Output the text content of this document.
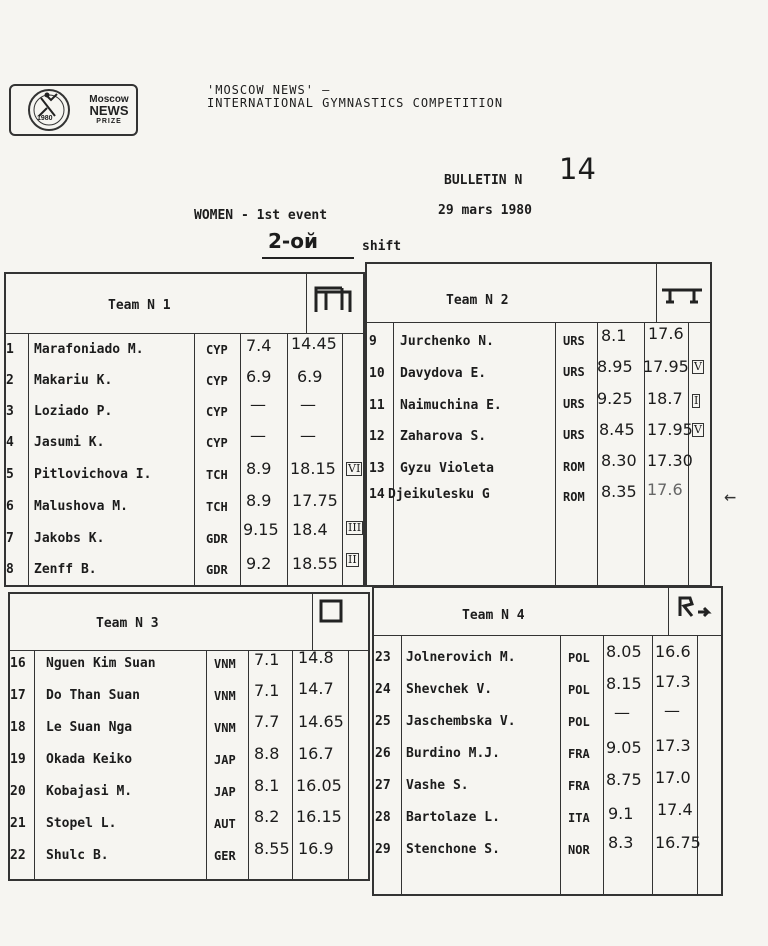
1980
Moscow
NEWS
PRIZE
'MOSCOW NEWS' —
INTERNATIONAL GYMNASTICS COMPETITION
BULLETIN N 14
WOMEN - 1st event	29 mars 1980
2-ой	shift
Team N 1	Team N 2
Team N 3
Team N 4
←
1 Marafoniado M.	CYP 7.4 14.45
2 Makariu K.	CYP 6.9 6.9
3 Loziado P.	CYP — —
4 Jasumi K.	CYP — —
5 Pitlovichova I.	TCH 8.9 18.15 VI
6 Malushova M.	TCH 8.9 17.75
7 Jakobs K.	GDR 9.15 18.4 III
8 Zenff B.	GDR 9.2 18.55 II
9 Jurchenko N.	URS 8.1 17.6
10 Davydova E.	URS 8.95 17.95 V
11 Naimuchina E.	URS 9.25 18.7 I
12 Zaharova S.	URS 8.45 17.95 V
13 Gyzu Violeta	ROM 8.30 17.30
14 Djeikulesku G	ROM 8.35 17.6
16 Nguen Kim Suan	VNM 7.1 14.8
17 Do Than Suan	VNM 7.1 14.7
18 Le Suan Nga	VNM 7.7 14.65
19 Okada Keiko	JAP 8.8 16.7
20 Kobajasi M.	JAP 8.1 16.05
21 Stopel L.	AUT 8.2 16.15
22 Shulc B.	GER 8.55 16.9
23 Jolnerovich M.	POL 8.05 16.6
24 Shevchek V.	POL 8.15 17.3
25 Jaschembska V.	POL — —
26 Burdino M.J.	FRA 9.05 17.3
27 Vashe S.	FRA 8.75 17.0
28 Bartolaze L.	ITA 9.1 17.4
29 Stenchone S.	NOR 8.3 16.75
